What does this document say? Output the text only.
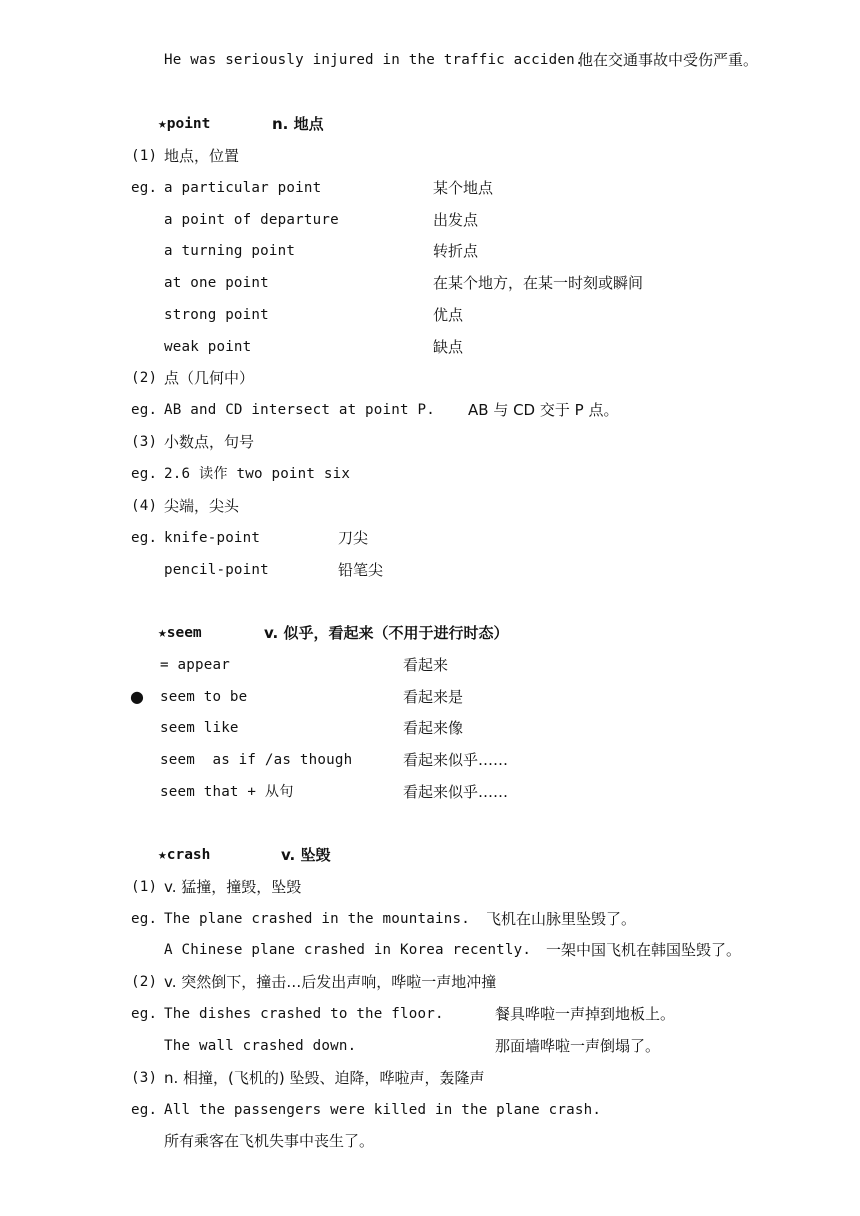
He was seriously injured in the traffic acciden.
他在交通事故中受伤严重。
★point	n. 地点
(1) 地点，位置
eg. a particular point	某个地点
a point of departure	出发点
a turning point	转折点
at one point	在某个地方，在某一时刻或瞬间
strong point	优点
weak point	缺点
(2) 点（几何中）
eg. AB and CD intersect at point P. AB 与 CD 交于 P 点。
(3) 小数点，句号
eg. 2.6 读作 two point six
(4) 尖端，尖头
eg. knife-point	刀尖
pencil-point	铅笔尖
★seem	v. 似乎，看起来（不用于进行时态）
= appear	看起来
● seem to be	看起来是
seem like	看起来像
seem  as if /as though	看起来似乎……
seem that + 从句	看起来似乎……
★crash	v. 坠毁
(1) v. 猛撞，撞毁，坠毁
eg. The plane crashed in the mountains. 飞机在山脉里坠毁了。
A Chinese plane crashed in Korea recently. 一架中国飞机在韩国坠毁了。
(2) v. 突然倒下，撞击…后发出声响，哗啦一声地冲撞
eg. The dishes crashed to the floor.	餐具哗啦一声掉到地板上。
The wall crashed down.	那面墙哗啦一声倒塌了。
(3) n. 相撞，(飞机的) 坠毁、迫降，哗啦声，轰隆声
eg. All the passengers were killed in the plane crash.
所有乘客在飞机失事中丧生了。
